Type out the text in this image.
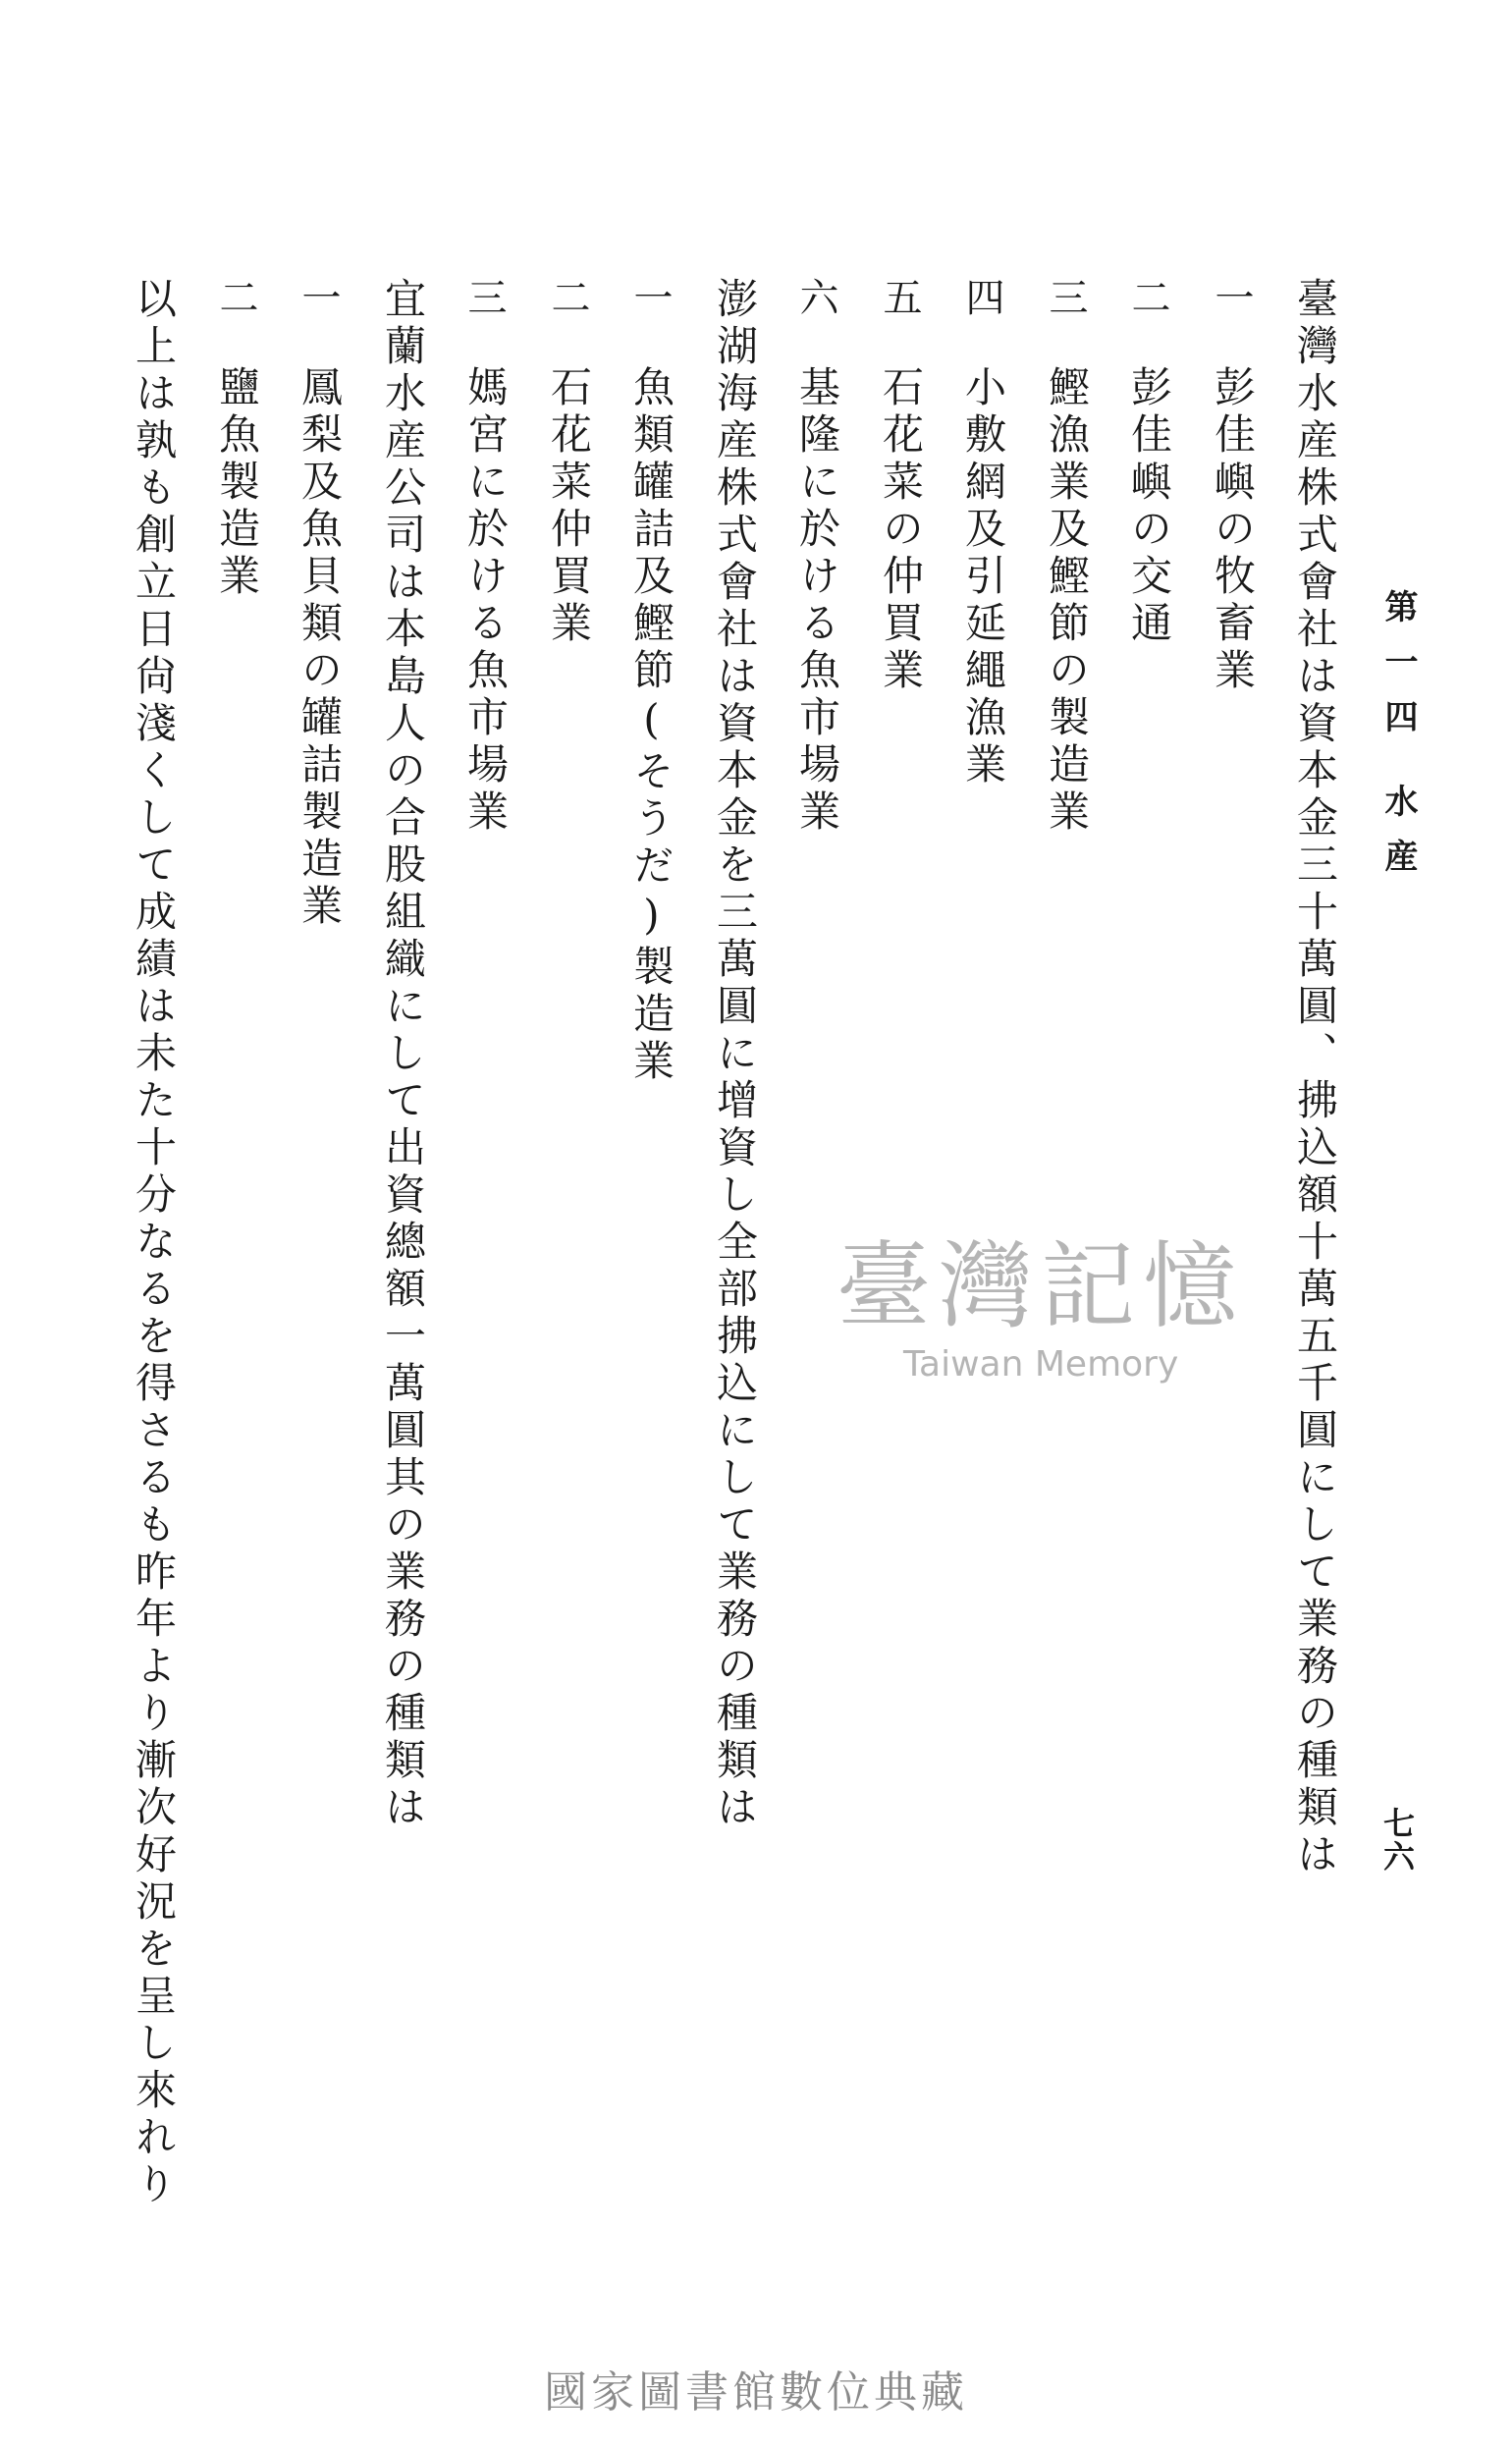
第一四水産
七六
臺灣水産株式會社は資本金三十萬圓、拂込額十萬五千圓にして業務の種類は
一
彭佳嶼の牧畜業
二
彭佳嶼の交通
三
鰹漁業及鰹節の製造業
四
小敷網及引延繩漁業
五
石花菜の仲買業
六
基隆に於ける魚市場業
澎湖海産株式會社は資本金を三萬圓に增資し全部拂込にして業務の種類は
一
魚類罐詰及鰹節(そうだ)製造業
二
石花菜仲買業
三
媽宮に於ける魚市場業
宜蘭水産公司は本島人の合股組織にして出資總額一萬圓其の業務の種類は
一
鳳梨及魚貝類の罐詰製造業
二
鹽魚製造業
以上は孰も創立日尙淺くして成績は未た十分なるを得さるも昨年より漸次好況を呈し來れり	臺灣記憶
Taiwan Memory
國家圖書館數位典藏
